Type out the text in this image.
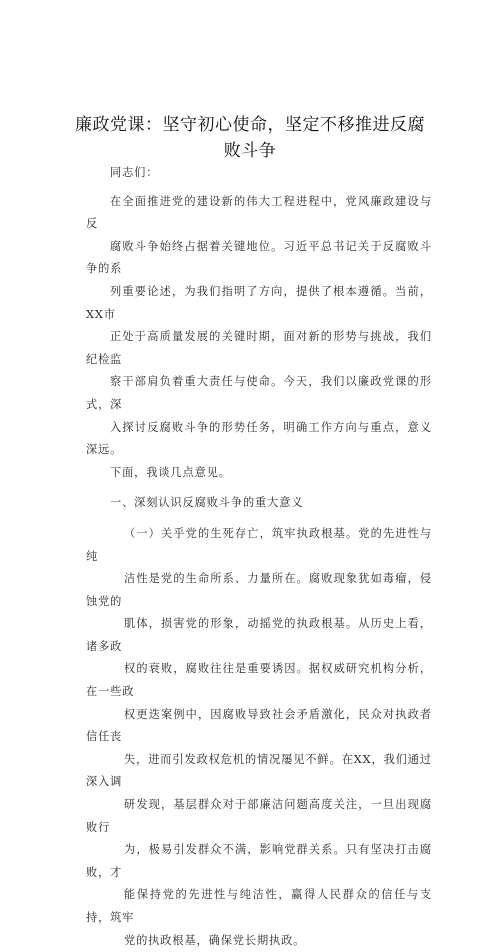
廉政党课：坚守初心使命，坚定不移推进反腐
败斗争

同志们：

在全面推进党的建设新的伟大工程进程中，党风廉政建设与反
腐败斗争始终占据着关键地位。习近平总书记关于反腐败斗争的系
列重要论述，为我们指明了方向，提供了根本遵循。当前，XX市
正处于高质量发展的关键时期，面对新的形势与挑战，我们纪检监
察干部肩负着重大责任与使命。今天，我们以廉政党课的形式，深
入探讨反腐败斗争的形势任务，明确工作方向与重点，意义深远。
下面，我谈几点意见。

一、深刻认识反腐败斗争的重大意义

（一）关乎党的生死存亡，筑牢执政根基。党的先进性与纯
洁性是党的生命所系、力量所在。腐败现象犹如毒瘤，侵蚀党的
肌体，损害党的形象，动摇党的执政根基。从历史上看，诸多政
权的衰败，腐败往往是重要诱因。据权威研究机构分析，在一些政
权更迭案例中，因腐败导致社会矛盾激化，民众对执政者信任丧
失，进而引发政权危机的情况屡见不鲜。在XX，我们通过深入调
研发现，基层群众对于部廉洁问题高度关注，一旦出现腐败行
为，极易引发群众不满，影响党群关系。只有坚决打击腐败，才
能保持党的先进性与纯洁性，赢得人民群众的信任与支持，筑牢
党的执政根基，确保党长期执政。
